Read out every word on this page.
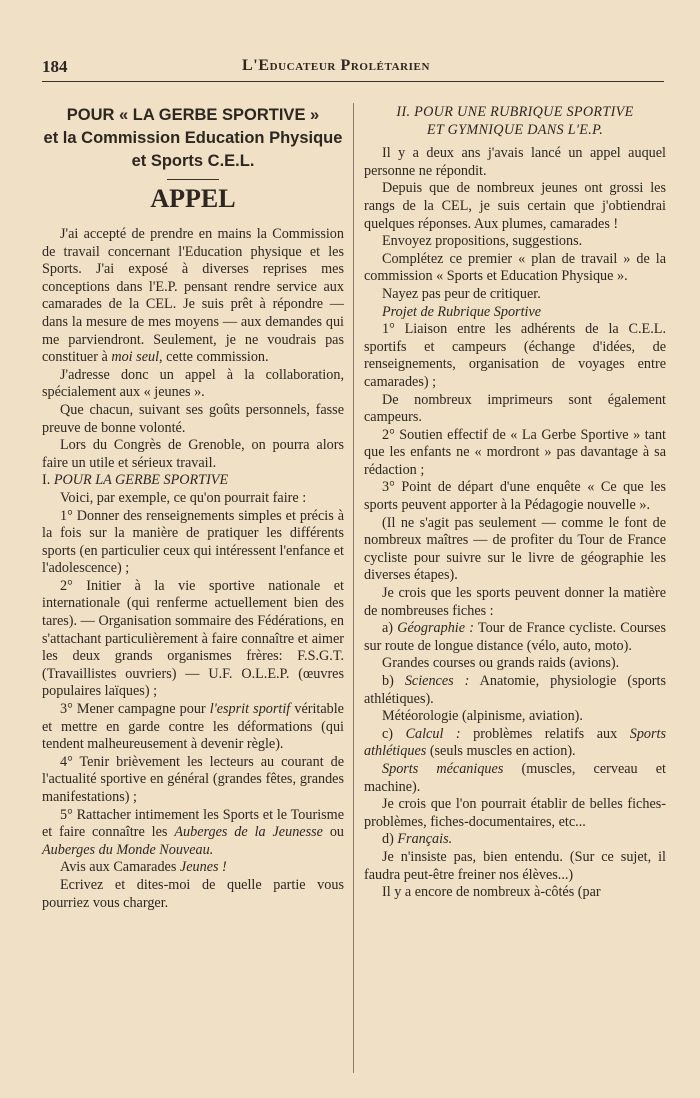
184	L'Educateur Prolétarien
POUR « LA GERBE SPORTIVE »
et la Commission Education Physique
et Sports C.E.L.
APPEL

J'ai accepté de prendre en mains la Commission de travail concernant l'Education physique et les Sports. J'ai exposé à diverses reprises mes conceptions dans l'E.P. pensant rendre service aux camarades de la CEL. Je suis prêt à répondre — dans la mesure de mes moyens — aux demandes qui me parviendront. Seulement, je ne voudrais pas constituer à moi seul, cette commission.

J'adresse donc un appel à la collaboration, spécialement aux « jeunes ».

Que chacun, suivant ses goûts personnels, fasse preuve de bonne volonté.

Lors du Congrès de Grenoble, on pourra alors faire un utile et sérieux travail.

I. POUR LA GERBE SPORTIVE

Voici, par exemple, ce qu'on pourrait faire :

1° Donner des renseignements simples et précis à la fois sur la manière de pratiquer les différents sports (en particulier ceux qui intéressent l'enfance et l'adolescence) ;

2° Initier à la vie sportive nationale et internationale (qui renferme actuellement bien des tares). — Organisation sommaire des Fédérations, en s'attachant particulièrement à faire connaître et aimer les deux grands organismes frères: F.S.G.T. (Travaillistes ouvriers) — U.F. O.L.E.P. (œuvres populaires laïques) ;

3° Mener campagne pour l'esprit sportif véritable et mettre en garde contre les déformations (qui tendent malheureusement à devenir règle).

4° Tenir brièvement les lecteurs au courant de l'actualité sportive en général (grandes fêtes, grandes manifestations) ;

5° Rattacher intimement les Sports et le Tourisme et faire connaître les Auberges de la Jeunesse ou Auberges du Monde Nouveau.

Avis aux Camarades Jeunes !

Ecrivez et dites-moi de quelle partie vous pourriez vous charger.

II. POUR UNE RUBRIQUE SPORTIVE
ET GYMNIQUE DANS L'E.P.

Il y a deux ans j'avais lancé un appel auquel personne ne répondit.

Depuis que de nombreux jeunes ont grossi les rangs de la CEL, je suis certain que j'obtiendrai quelques réponses. Aux plumes, camarades !

Envoyez propositions, suggestions.

Complétez ce premier « plan de travail » de la commission « Sports et Education Physique ».

Nayez pas peur de critiquer.

Projet de Rubrique Sportive

1° Liaison entre les adhérents de la C.E.L. sportifs et campeurs (échange d'idées, de renseignements, organisation de voyages entre camarades) ;

De nombreux imprimeurs sont également campeurs.

2° Soutien effectif de « La Gerbe Sportive » tant que les enfants ne « mordront » pas davantage à sa rédaction ;

3° Point de départ d'une enquête « Ce que les sports peuvent apporter à la Pédagogie nouvelle ».

(Il ne s'agit pas seulement — comme le font de nombreux maîtres — de profiter du Tour de France cycliste pour suivre sur le livre de géographie les diverses étapes).

Je crois que les sports peuvent donner la matière de nombreuses fiches :

a) Géographie : Tour de France cycliste. Courses sur route de longue distance (vélo, auto, moto).

Grandes courses ou grands raids (avions).

b) Sciences : Anatomie, physiologie (sports athlétiques).

Météorologie (alpinisme, aviation).

c) Calcul : problèmes relatifs aux Sports athlétiques (seuls muscles en action).

Sports mécaniques (muscles, cerveau et machine).

Je crois que l'on pourrait établir de belles fiches-problèmes, fiches-documentaires, etc...

d) Français.

Je n'insiste pas, bien entendu. (Sur ce sujet, il faudra peut-être freiner nos élèves...)

Il y a encore de nombreux à-côtés (par
